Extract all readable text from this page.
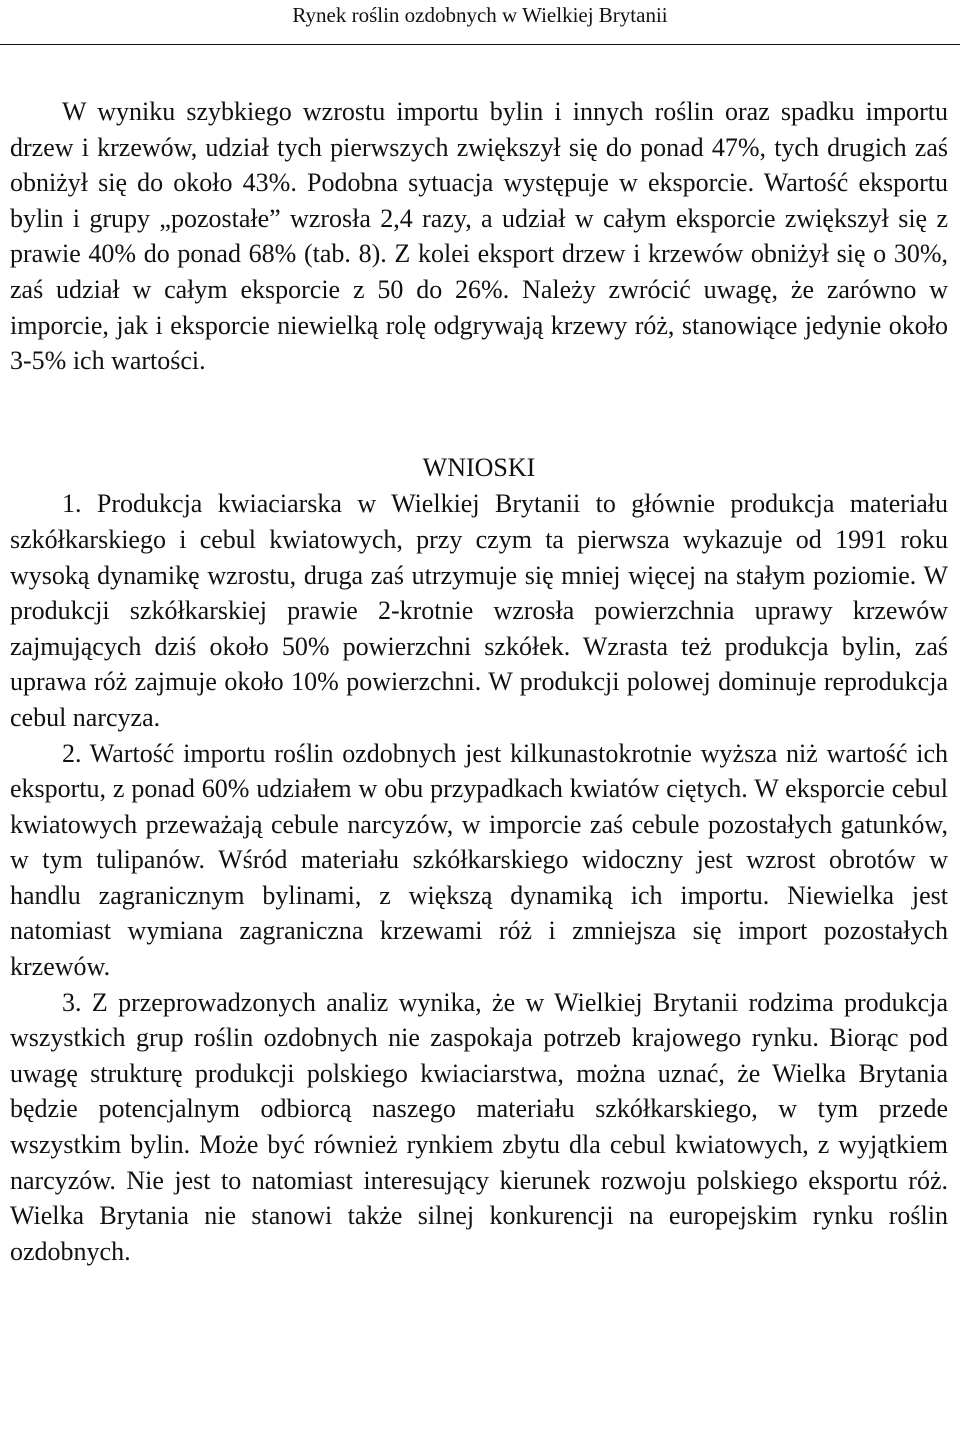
Rynek roślin ozdobnych w Wielkiej Brytanii

W wyniku szybkiego wzrostu importu bylin i innych roślin oraz spadku importu drzew i krzewów, udział tych pierwszych zwiększył się do ponad 47%, tych drugich zaś obniżył się do około 43%. Podobna sytuacja występuje w eksporcie. Wartość eksportu bylin i grupy „pozostałe” wzrosła 2,4 razy, a udział w całym eksporcie zwiększył się z prawie 40% do ponad 68% (tab. 8). Z kolei eksport drzew i krzewów obniżył się o 30%, zaś udział w całym eksporcie z 50 do 26%. Należy zwrócić uwagę, że zarówno w imporcie, jak i eksporcie niewielką rolę odgrywają krzewy róż, stanowiące jedynie około 3-5% ich wartości.

WNIOSKI

1. Produkcja kwiaciarska w Wielkiej Brytanii to głównie produkcja materiału szkółkarskiego i cebul kwiatowych, przy czym ta pierwsza wykazuje od 1991 roku wysoką dynamikę wzrostu, druga zaś utrzymuje się mniej więcej na stałym poziomie. W produkcji szkółkarskiej prawie 2-krotnie wzrosła powierzchnia uprawy krzewów zajmujących dziś około 50% powierzchni szkółek. Wzrasta też produkcja bylin, zaś uprawa róż zajmuje około 10% powierzchni. W produkcji polowej dominuje reprodukcja cebul narcyza.

2. Wartość importu roślin ozdobnych jest kilkunastokrotnie wyższa niż wartość ich eksportu, z ponad 60% udziałem w obu przypadkach kwiatów ciętych. W eksporcie cebul kwiatowych przeważają cebule narcyzów, w imporcie zaś cebule pozostałych gatunków, w tym tulipanów. Wśród materiału szkółkarskiego widoczny jest wzrost obrotów w handlu zagranicznym bylinami, z większą dynamiką ich importu. Niewielka jest natomiast wymiana zagraniczna krzewami róż i zmniejsza się import pozostałych krzewów.

3. Z przeprowadzonych analiz wynika, że w Wielkiej Brytanii rodzima produkcja wszystkich grup roślin ozdobnych nie zaspokaja potrzeb krajowego rynku. Biorąc pod uwagę strukturę produkcji polskiego kwiaciarstwa, można uznać, że Wielka Brytania będzie potencjalnym odbiorcą naszego materiału szkółkarskiego, w tym przede wszystkim bylin. Może być również rynkiem zbytu dla cebul kwiatowych, z wyjątkiem narcyzów. Nie jest to natomiast interesujący kierunek rozwoju polskiego eksportu róż. Wielka Brytania nie stanowi także silnej konkurencji na europejskim rynku roślin ozdobnych.
